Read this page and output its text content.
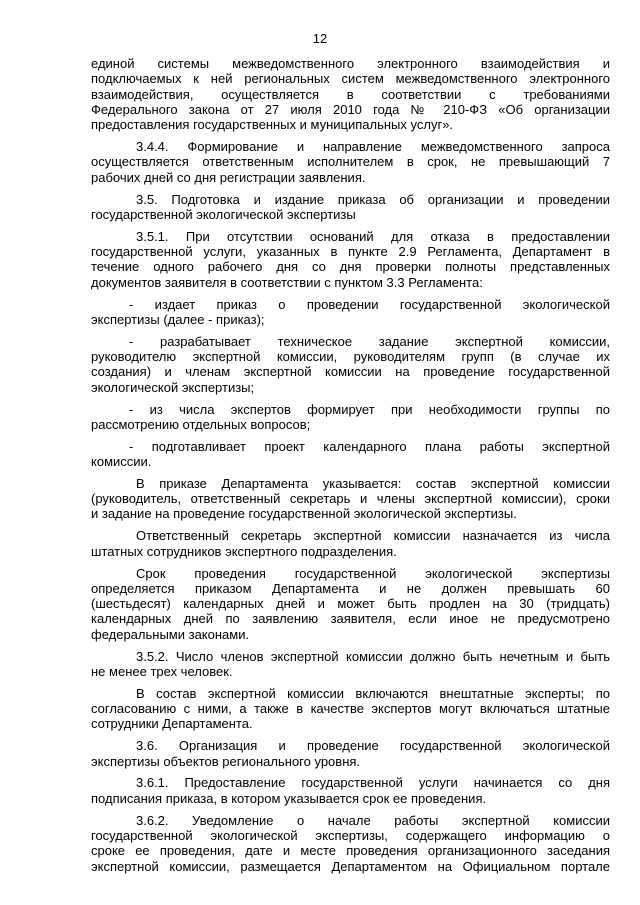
12
единой системы межведомственного электронного взаимодействия и
подключаемых к ней региональных систем межведомственного электронного
взаимодействия, осуществляется в соответствии с требованиями
Федерального закона от 27 июля 2010 года № 210-ФЗ «Об организации
предоставления государственных и муниципальных услуг».
3.4.4. Формирование и направление межведомственного запроса
осуществляется ответственным исполнителем в срок, не превышающий 7
рабочих дней со дня регистрации заявления.
3.5. Подготовка и издание приказа об организации и проведении
государственной экологической экспертизы
3.5.1. При отсутствии оснований для отказа в предоставлении
государственной услуги, указанных в пункте 2.9 Регламента, Департамент в
течение одного рабочего дня со дня проверки полноты представленных
документов заявителя в соответствии с пунктом 3.3 Регламента:
- издает приказ о проведении государственной экологической
экспертизы (далее - приказ);
- разрабатывает техническое задание экспертной комиссии,
руководителю экспертной комиссии, руководителям групп (в случае их
создания) и членам экспертной комиссии на проведение государственной
экологической экспертизы;
- из числа экспертов формирует при необходимости группы по
рассмотрению отдельных вопросов;
- подготавливает проект календарного плана работы экспертной
комиссии.
В приказе Департамента указывается: состав экспертной комиссии
(руководитель, ответственный секретарь и члены экспертной комиссии), сроки
и задание на проведение государственной экологической экспертизы.
Ответственный секретарь экспертной комиссии назначается из числа
штатных сотрудников экспертного подразделения.
Срок проведения государственной экологической экспертизы
определяется приказом Департамента и не должен превышать 60
(шестьдесят) календарных дней и может быть продлен на 30 (тридцать)
календарных дней по заявлению заявителя, если иное не предусмотрено
федеральными законами.
3.5.2. Число членов экспертной комиссии должно быть нечетным и быть
не менее трех человек.
В состав экспертной комиссии включаются внештатные эксперты; по
согласованию с ними, а также в качестве экспертов могут включаться штатные
сотрудники Департамента.
3.6. Организация и проведение государственной экологической
экспертизы объектов регионального уровня.
3.6.1. Предоставление государственной услуги начинается со дня
подписания приказа, в котором указывается срок ее проведения.
3.6.2. Уведомление о начале работы экспертной комиссии
государственной экологической экспертизы, содержащего информацию о
сроке ее проведения, дате и месте проведения организационного заседания
экспертной комиссии, размещается Департаментом на Официальном портале
